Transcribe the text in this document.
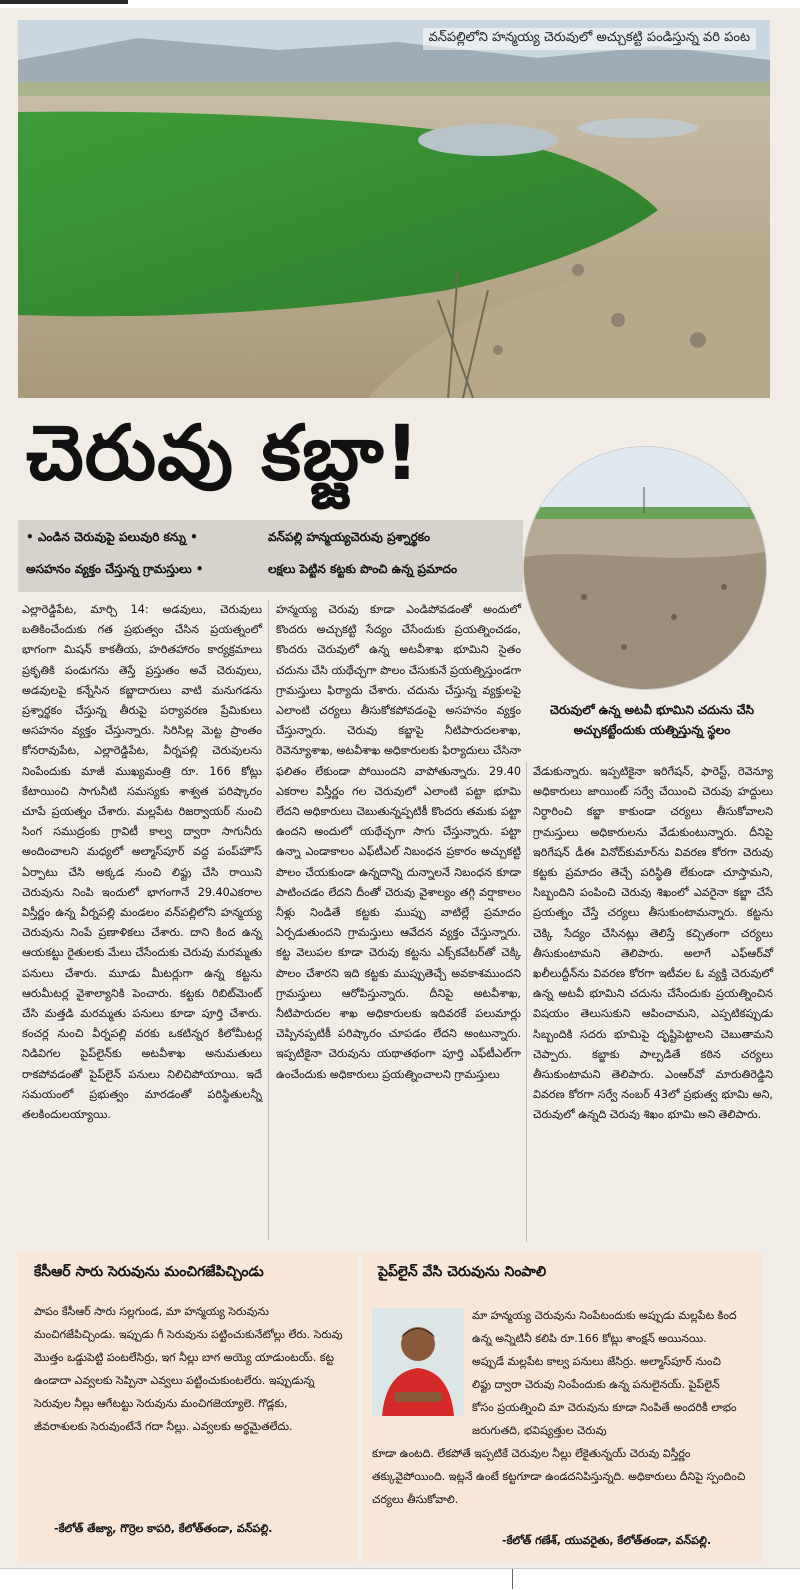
వన్‌పల్లిలోని హన్మయ్య చెరువులో అచ్చుకట్టి పండిస్తున్న వరి పంట
చెరువు కబ్జా!
• ఎండిన చెరువుపై పలువురి కన్ను •	వన్‌పల్లి హన్మయ్యచెరువు ప్రశ్నార్థకం
అసహనం వ్యక్తం చేస్తున్న గ్రామస్తులు •	లక్షలు పెట్టిన కట్టకు పొంచి ఉన్న ప్రమాదం
చెరువులో ఉన్న అటవీ భూమిని చదును చేసి అచ్చుకట్టేందుకు యత్నిస్తున్న స్థలం
ఎల్లారెడ్డిపేట, మార్చి 14: అడవులు, చెరువులు బతికించేందుకు గత ప్రభుత్వం చేసిన ప్రయత్నంలో భాగంగా మిషన్ కాకతీయ, హరితహారం కార్యక్రమాలు ప్రకృతికి పండుగను తెస్తే ప్రస్తుతం అవే చెరువులు, అడవులపై కన్నేసిన కబ్జాదారులు వాటి మనుగడను ప్రశ్నార్థకం చేస్తున్న తీరుపై పర్యావరణ ప్రేమికులు అసహనం వ్యక్తం చేస్తున్నారు. సిరిసిల్ల మెట్ట ప్రాంతం కోనరావుపేట, ఎల్లారెడ్డిపేట, వీర్నపల్లి చెరువులను నింపేందుకు మాజీ ముఖ్యమంత్రి రూ. 166 కోట్లు కేటాయించి సాగునీటి సమస్యకు శాశ్వత పరిష్కారం చూపే ప్రయత్నం చేశారు. మల్లపేట రిజర్వాయర్ నుంచి సింగ సముద్రంకు గ్రావిటీ కాల్వ ద్వారా సాగునీరు అందించాలని మధ్యలో అల్మాస్‌పూర్ వద్ద పంప్‌హౌస్ ఏర్పాటు చేసి అక్కడ నుంచి లిఫ్టు చేసి రాయిని చెరువును నింపి ఇందులో భాగంగానే 29.40ఎకరాల విస్తీర్ణం ఉన్న వీర్నపల్లి మండలం వన్‌పల్లిలోని హన్మయ్య చెరువును నింపే ప్రణాళికలు చేశారు. దాని కింద ఉన్న ఆయకట్టు రైతులకు మేలు చేసేందుకు చెరువు మరమ్మతు పనులు చేశారు. మూడు మీటర్లుగా ఉన్న కట్టను ఆరుమీటర్ల వైశాల్యానికి పెంచారు. కట్టకు రిబిట్‌మెంట్ చేసి మత్తడి మరమ్మతు పనులు కూడా పూర్తి చేశారు. కంచర్ల నుంచి వీర్నపల్లి వరకు ఒకటిన్నర కిలోమీటర్ల నిడివిగల పైప్‌లైన్‌కు అటవీశాఖ అనుమతులు రాకపోవడంతో పైప్‌లైన్ పనులు నిలిచిపోయాయి. ఇదే సమయంలో ప్రభుత్వం మారడంతో పరిస్థితులన్నీ తలకిందులయ్యాయి.
హన్మయ్య చెరువు కూడా ఎండిపోవడంతో అందులో కొందరు అచ్చుకట్టి సేద్యం చేసేందుకు ప్రయత్నించడం, కొందరు చెరువులో ఉన్న అటవీశాఖ భూమిని సైతం చదును చేసి యథేచ్ఛగా పొలం చేసుకునే ప్రయత్నిస్తుండగా గ్రామస్తులు ఫిర్యాదు చేశారు. చదును చేస్తున్న వ్యక్తులపై ఎలాంటి చర్యలు తీసుకోకపోవడంపై అసహనం వ్యక్తం చేస్తున్నారు. చెరువు కబ్జాపై నీటిపారుదలశాఖ, రెవెన్యూశాఖ, అటవీశాఖ అధికారులకు ఫిర్యాదులు చేసినా ఫలితం లేకుండా పోయిందని వాపోతున్నారు. 29.40 ఎకరాల విస్తీర్ణం గల చెరువులో ఎలాంటి పట్టా భూమి లేదని అధికారులు చెబుతున్నప్పటికీ కొందరు తమకు పట్టా ఉందని అందులో యథేచ్ఛగా సాగు చేస్తున్నారు. పట్టా ఉన్నా ఎండాకాలం ఎఫ్‌టీఎల్ నిబంధన ప్రకారం అచ్చుకట్టి పొలం చేయకుండా ఉన్నదాన్ని దున్నాలనే నిబంధన కూడా పాటించడం లేదని దీంతో చెరువు వైశాల్యం తగ్గి వర్షాకాలం నీళ్లు నిండితే కట్టకు ముప్పు వాటిల్లే ప్రమాదం ఏర్పడుతుందని గ్రామస్తులు ఆవేదన వ్యక్తం చేస్తున్నారు. కట్ట వెలుపల కూడా చెరువు కట్టను ఎక్స్‌కవేటర్‌తో చెక్కి పొలం చేశారని ఇది కట్టకు ముప్పుతెచ్చే అవకాశముందని గ్రామస్తులు ఆరోపిస్తున్నారు. దీనిపై అటవీశాఖ, నీటిపారుదల శాఖ అధికారులకు ఇదివరకే పలుమార్లు చెప్పినప్పటికీ పరిష్కారం చూపడం లేదని అంటున్నారు. ఇప్పటికైనా చెరువును యథాతథంగా పూర్తి ఎఫ్‌టీఎల్‌గా ఉంచేందుకు అధికారులు ప్రయత్నించాలని గ్రామస్తులు
వేడుకున్నారు. ఇప్పటికైనా ఇరిగేషన్, ఫారెస్ట్, రెవెన్యూ అధికారులు జాయింట్ సర్వే చేయించి చెరువు హద్దులు నిర్ధారించి కబ్జా కాకుండా చర్యలు తీసుకోవాలని గ్రామస్తులు అధికారులను వేడుకుంటున్నారు. దీనిపై ఇరిగేషన్ డీఈ వినోద్‌కుమార్‌ను వివరణ కోరగా చెరువు కట్టకు ప్రమాదం తెచ్చే పరిస్థితి లేకుండా చూస్తామని, సిబ్బందిని పంపించి చెరువు శిఖంలో ఎవరైనా కబ్జా చేసే ప్రయత్నం చేస్తే చర్యలు తీసుకుంటామన్నారు. కట్టను చెక్కి సేద్యం చేసినట్లు తెలిస్తే కచ్చితంగా చర్యలు తీసుకుంటామని తెలిపారు. అలాగే ఎఫ్ఆర్‌వో ఖలీలుద్దీన్‌ను వివరణ కోరగా ఇటీవల ఓ వ్యక్తి చెరువులో ఉన్న అటవీ భూమిని చదును చేసేందుకు ప్రయత్నించిన విషయం తెలుసుకుని ఆపించామని, ఎప్పటికప్పుడు సిబ్బందికి సదరు భూమిపై దృష్టిపెట్టాలని చెబుతామని చెప్పారు. కబ్జాకు పాల్పడితే కఠిన చర్యలు తీసుకుంటామని తెలిపారు. ఎంఆర్‌వో మారుతిరెడ్డిని వివరణ కోరగా సర్వే నంబర్ 43లో ప్రభుత్వ భూమి అని, చెరువులో ఉన్నది చెరువు శిఖం భూమి అని తెలిపారు.
కేసీఆర్ సారు సెరువును మంచిగజేపిచ్చిండు
పాపం కేసీఆర్ సారు సల్లగుండ, మా హన్మయ్య సెరువును మంచిగజేపిచ్చిండు. ఇప్పుడు గీ సెరువును పట్టించుకునేటోల్లు లేరు. సెరువు మొత్తం ఒడ్డుపెట్టి పంటలేసిర్రు, ఇగ నీల్లు బాగ అయ్యె యాడుంటయ్. కట్ట ఉండాదా ఎవ్వలకు సెప్పినా ఎవ్వలు పట్టించుకుంటలేరు. ఇప్పుడున్న సెరువుల నీల్లు ఆగేటట్టు సెరువును మంచిగజెయ్యాలె. గొడ్లకు, జీవరాశులకు సెరువుంటేనే గదా నీల్లు. ఎవ్వలకు అర్థమైతలేదు.
-కేలోత్ తేజ్యా, గొర్రెల కాపరి, కేలోత్‌తండా, వన్‌పల్లి.
పైప్‌లైన్ వేసి చెరువును నింపాలి
మా హన్మయ్య చెరువును నింపేటందుకు అప్పుడు మల్లపేట కింద ఉన్న అన్నిటినీ కలిపి రూ.166 కోట్లు శాంక్షన్ అయినయి. అప్పుడే మల్లపేట కాల్వ పనులు జేసిర్రు. అల్మాస్‌పూర్ నుంచి లిఫ్టు ద్వారా చెరువు నింపేందుకు ఉన్న పనులైనయ్. పైప్‌లైన్ కోసం ప్రయత్నించి మా చెరువును కూడా నింపితే అందరికీ లాభం జరుగుతది, భవిష్యత్తుల చెరువు
కూడా ఉంటది. లేకపోతే ఇప్పటికే చెరువుల నీల్లు లేకైతున్నయ్ చెరువు విస్తీర్ణం తక్కువైపోయింది. ఇట్లనే ఉంటే కట్టగూడా ఉండదనిపిస్తున్నది. అధికారులు దీనిపై స్పందించి చర్యలు తీసుకోవాలి.
-కేలోత్ గణేశ్, యువరైతు, కేలోత్‌తండా, వన్‌పల్లి.
